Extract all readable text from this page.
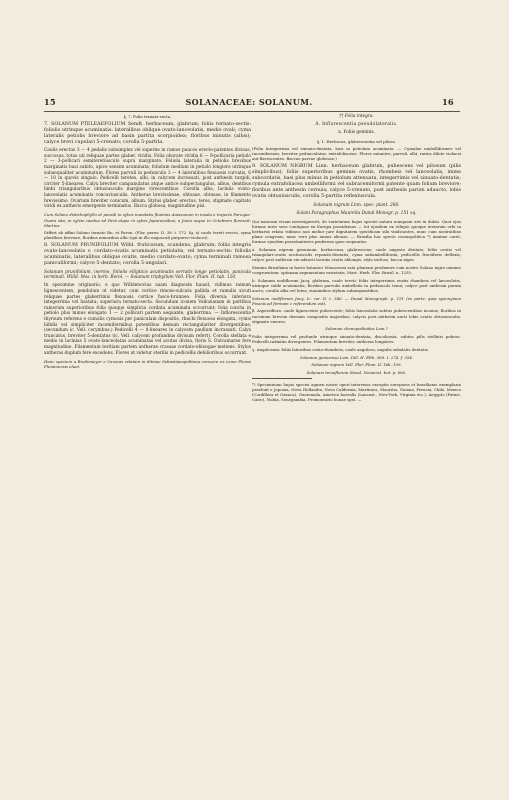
15	SOLANACEAE: SOLANUM.	16

§. 7. Folia ternato-secta.

7. SOLANUM PTELEAEFOLIUM Sendt. herbaceum, glabrum; foliis ternato-sectis: foliolis utrinque acuminatis: lateralibus oblique ovato-lanceolatis, medio ovali; cyma lateralis petiolis breviore ad basin partita scorpioidea; floribus minutis (albis); calyce brevi cupulari 5-crenato; corolla 5-partita.

Caulis erectus 3 — 4 pedalis subsimplex vel superne in ramos paucos erecto-patentes divisus, succosus, totus uti reliquae partes glaber, viridis. Folia oborate viridia 6 — 9-pollicaria petiolo 2 — 3-pollicari semiteretiusculo supra marginato. Foliola lateralia in petiolis brevibus marginatis basi subito, apice sensim acuminata; foliolum medium in petiolo longiore utrinque subaequaliter acuminatum. Flores parvuli in pedunculo 3 — 4 lateralibus flexuosis curvatis, 6 — 10 in quovis singulo. Pedicelli teretes, albi, in calycem incrassati, post anthesin turgidi, circiter 5-lineares. Calyx breviter campanulatus atque antice subpectangulus, albus, dentibus limbi triangularibus obtusiusculis margine virescentibus. Corolla alba, laciniis ovato-lanceolatis acuminatis concaviusculis. Antherae brevissimae, obtusae, obtusae, in filamento brevissimo. Ovarium breviter conicum, album. Stylus glaber, erectus, teres, stigmate capitato viridi ex antheris emergente terminatus. Bacca globosa, magnitudine pisi.

Cum Solano distichophyllo et pensili in sylvis inundatis fluminis Amazonum in insula e trajecto Paroque-Guara sita; in sylvis caedua ad Pará atque in sylvis Japurensibus; a Junio usque in Octobrem florescit: Martius.

Differt ab affini Solano ternato Ru. et Pavon. (Flor. peruv. II. 38. t. 172. fg. a) caule tereti erecto, cyma pluriflora breviore, floribus minoribus albo (qui in illo majusculi purpureo-violacei).

8. SOLANUM PRUNIFOLIUM Willd. fruticosum, scandens, glabrum; foliis integris ovato-lanceolatis v. cordato-ovatis acuminatis petiolatis, vel ternato-sectis: foliolis acuminatis, lateralibus oblique ovatis, medio cordato-ovato; cyma terminali ramosa paniculiformi; calyce 5-dentato; corolla 5-angulari.

Solanum prunifolium, inerme, foliolis ellipticis acuminatis serratis longe petiolatis, panicula terminali. Willd. Mss. in herb. Berol. — Solanum triphyllum Vell. Flor. Flum. II. tab. 120.

In specimine originario, e quo Willdenovius suam diagnosin hausit, vidimus ramum lignescentem, pendulum ut videtur, cum cortice rimoso-sulcata pallida et ramulis sicuti reliquae partes glaberrimis flexuosis cortice fusco-brunneo. Folia diversa: inferiora integerrima vel hastata; superiora ternato-secta. Secundum iconem Vellozianam in partibus ramorum superioribus folia quoque simplicia cordata acuminata occurrunt; folia concta in petiolo plus minus elongato 1 — 2 pollicari partem aequante, glaberrima. — Inflorescentia thyrsum referens e cumulis cymosis per paniculam dispositis, rhachi flexuosa elongata, cymis bifidis vel simpliciter racemiformibus potentibus demum rectangulariter divergentibus; (secundum ic. Vell. corymbus.) Pedicelli 4 — 8-lineares in calycem paullum incrassati. Calyx truncatus, breviter 5-dentatus (ic. Vell. calycem profundius divisum refert). Corolla stellata e medio in lacinias 5 ovato-lanceolatas acuminatas vel acutas divisa, floris S. Dulcamarae fere magnitudine. Filamentum teritiam partem antherae crassae cordato-oblongae metiens. Stylus antheras duplum fere excedens. Flores ut videtur sterilis in pedicellis debilioribus occurrunt.

Hanc speciem a Bredemeyer e Caracas relatam in ditione Sebastianopolitana crescere ex icone Florae Fluminensis eluet.

†† Folia integra.

A. Inflorescentia pseudolateralis.

a. Foliis geminis.

§. 1. Herbacea, glabrescentia vel pilosa.

(Folia integerrima vel sinuato-dentata, basi in petiolum acuminata. — Cymulae umbelliformes vel racemiformes, breviter pedunculatae, extrafoliaceae. Flores nutantes, parvuli, albi, rarius dilute violacei aut flavescentes. Baccae parvae globosae.)

9. SOLANUM NIGRUM Linn. herbaceum glabrum, pubescens vel pilosum (pilis simplicibus); foliis superioribus geminis ovatis, rhombeis vel lanceolatis, imme subcordatis, basi plus minus in petiolum attenuata, integerrimis vel sinuato-dentatis; cymula extrafoliacea umbelliformi vel subracemiformi patente quam folium breviore; floribus ante anthesin cernuis; calyce 5-crenato, post anthesin parum adaucto, lobis ovatis obtusiusculis, corolla 5-partita reflexiuscula.

Solanum nigrum Linn. spec. plant. 266.

Solani Paragraphus Maurella Dunal Monogr. p. 151 sq.

Qui naturam vivam investigaverit, de varietatum hujus speciei natura nunquam erit in dubio. Quot ejus formae inter sese contiguae ex Europa possidemus — tot ejusdem ex reliquo quoque terrarum orbi in herbariis relata vidimus non melior jure dignitatem specificam sibi vindicantes, nunc cum nostratibus plane congruas, nunc vero plus minus alienas. — Brasilia hac specie cosmopolitica *) minime caret, formae ejusdem praestantiores proferens quae sequuntur.

a. Solanum nigrum genuinum: herbaceum, glabrescens; caule anguste dentato; foliis ovatis vel triangulari-ovatis acutiusculis repando-dentatis; cyma subumbelliformi, pedicellis fructiferis deflexis; calyce post anthesin vix adaucti laciniis ovatis oblongis; stylo incluso, bacca nigra.

Semina Brasiliana in horto botanico Monacensi sata plantam produxere cum nostro Solano nigro omnino congruentem: optimam argumentum varietatis. Mart. Herb. Flor. Brasil. n. 1255.

b. Solanum nodiflorum Jacq. glabrum, caule tereti; foliis integerrimis ovatis rhombeis vel lanceolatis, utrinque valde acuminatis; floribus parvulis umbellatis in pedunculo tenui; calyce post anthesin parum aucto; corolla alba vel lutea, staminibus stylum subaequantibus.

Solanum nodiflorum Jacq. Ic. rar. II. t. 346. — Dunal Monograph. p. 151 (ex parte, quia synonymon Pisonis ad formam c referendum est).

β. Aspersiflora: caule lignescente pubescente; foliis lanceolatis subtus pubescentibus incanis; floribus in racemum brevem densum compositis majoribus, calycis post anthesin aucti lobis ovatis obtusiusculis, stigmate emerso.

Solanum chenopodioides Lam.?

Folia integerrima vel profunde utrinque sinuato-dentata, discolorata, subtus pilis stellatis pubesc. Pedicelli radiatim divergentes. Filamentum breviter, antheras longiores.

γ. Angulosum: foliis latioribus ovato-rhombeis; caule anguloso, angulis subalatis dentatis.

Solanum guineense Lam. Dill. H. Elth. 369. t. 274. f. 354.

Solanum nigrum Vell. Flor. Flum. II. Tab. 109.

Solanum tenuiflorum Steud. Nomencl. bot. p. 606.

*) Speciminum hujus speciei agmen nostri operi intervisus exceptis europaeis et brasilianis exemplaria praebuit e Japonia, Nova Hollandia, Nova California, Martinica, Mauritio, Guiana, Peruvia, Chile, Mexico (Cordillera et Oaxaca), Guatemala, America borealis (Lancast., New-York, Virginia etc.), Aegypto (Fatme, Cairo), Nubia, Senegambia, Promontorio bonae spei. —
